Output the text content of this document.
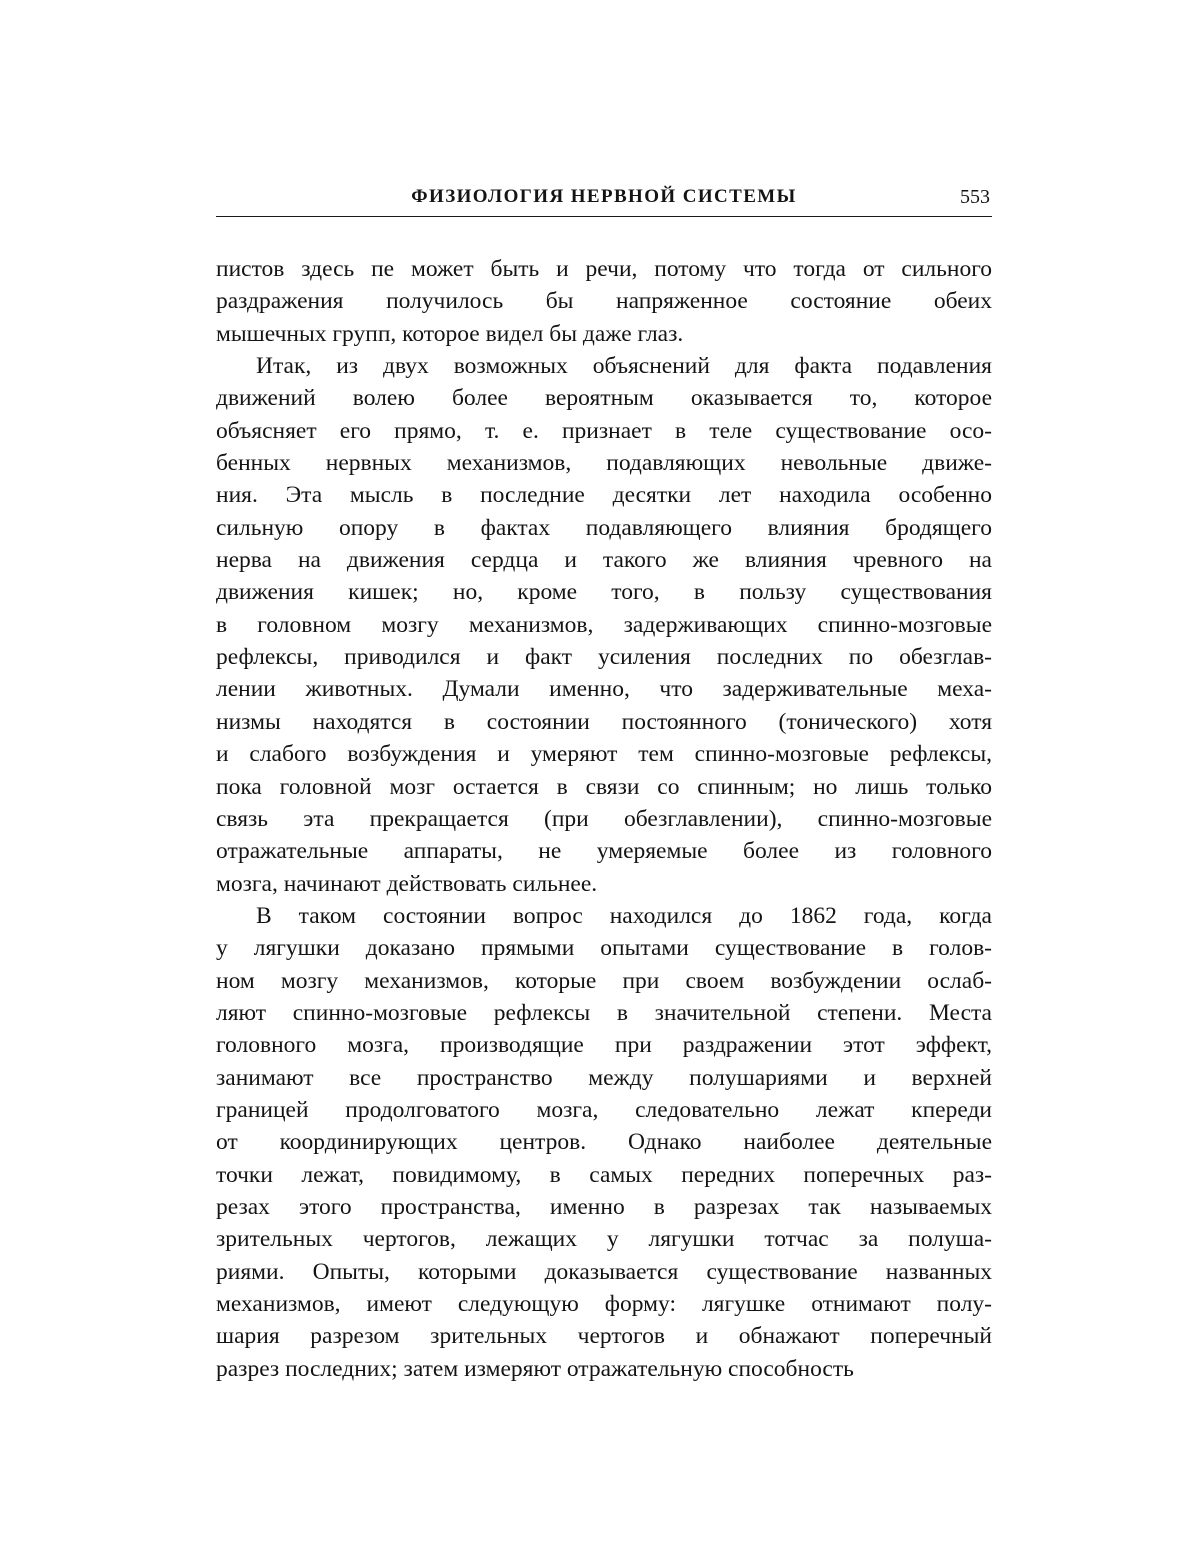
ФИЗИОЛОГИЯ НЕРВНОЙ СИСТЕМЫ	553
пистов здесь пе может быть и речи, потому что тогда от сильного
раздражения получилось бы напряженное состояние обеих
мышечных групп, которое видел бы даже глаз.
Итак, из двух возможных объяснений для факта подавления
движений волею более вероятным оказывается то, которое
объясняет его прямо, т. е. признает в теле существование осо-
бенных нервных механизмов, подавляющих невольные движе-
ния. Эта мысль в последние десятки лет находила особенно
сильную опору в фактах подавляющего влияния бродящего
нерва на движения сердца и такого же влияния чревного на
движения кишек; но, кроме того, в пользу существования
в головном мозгу механизмов, задерживающих спинно-мозговые
рефлексы, приводился и факт усиления последних по обезглав-
лении животных. Думали именно, что задерживательные меха-
низмы находятся в состоянии постоянного (тонического) хотя
и слабого возбуждения и умеряют тем спинно-мозговые рефлексы,
пока головной мозг остается в связи со спинным; но лишь только
связь эта прекращается (при обезглавлении), спинно-мозговые
отражательные аппараты, не умеряемые более из головного
мозга, начинают действовать сильнее.
В таком состоянии вопрос находился до 1862 года, когда
у лягушки доказано прямыми опытами существование в голов-
ном мозгу механизмов, которые при своем возбуждении ослаб-
ляют спинно-мозговые рефлексы в значительной степени. Места
головного мозга, производящие при раздражении этот эффект,
занимают все пространство между полушариями и верхней
границей продолговатого мозга, следовательно лежат кпереди
от координирующих центров. Однако наиболее деятельные
точки лежат, повидимому, в самых передних поперечных раз-
резах этого пространства, именно в разрезах так называемых
зрительных чертогов, лежащих у лягушки тотчас за полуша-
риями. Опыты, которыми доказывается существование названных
механизмов, имеют следующую форму: лягушке отнимают полу-
шария разрезом зрительных чертогов и обнажают поперечный
разрез последних; затем измеряют отражательную способность
